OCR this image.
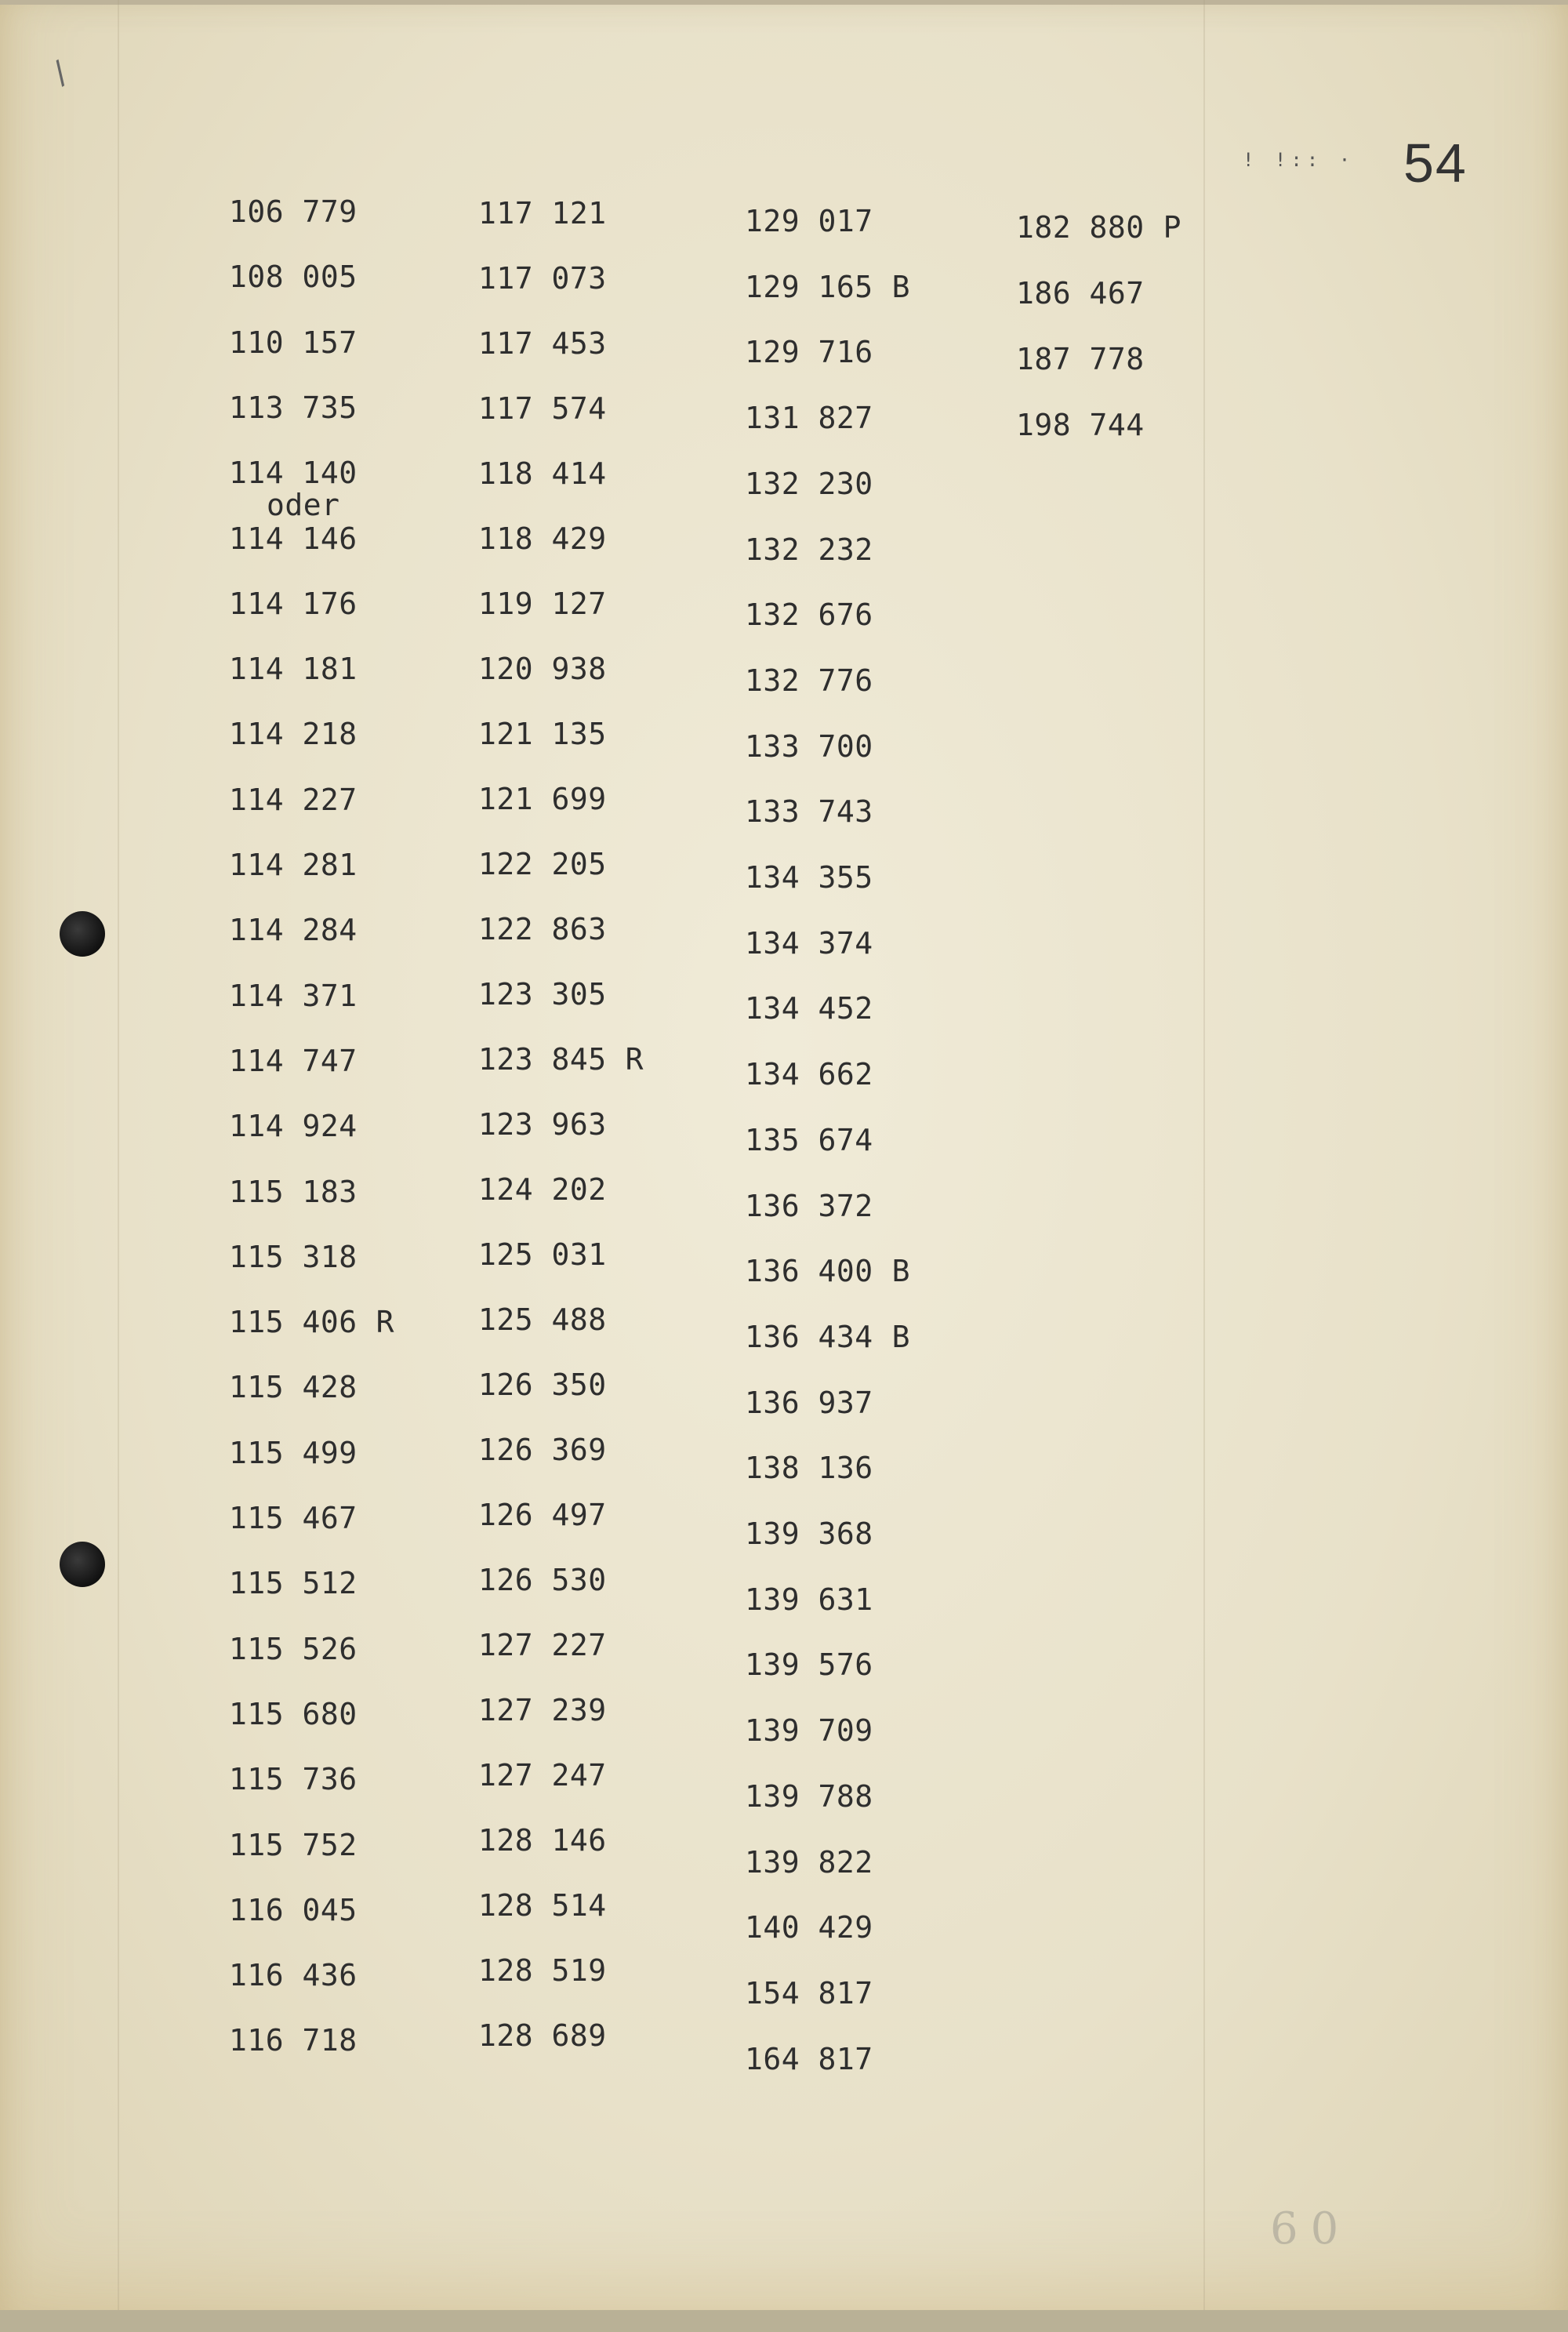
! !:: · 54
/
106 779
108 005
110 157
113 735
114 140
oder
114 146
114 176
114 181
114 218
114 227
114 281
114 284
114 371
114 747
114 924
115 183
115 318
115 406 R
115 428
115 499
115 467
115 512
115 526
115 680
115 736
115 752
116 045
116 436
116 718
117 121
117 073
117 453
117 574
118 414
118 429
119 127
120 938
121 135
121 699
122 205
122 863
123 305
123 845 R
123 963
124 202
125 031
125 488
126 350
126 369
126 497
126 530
127 227
127 239
127 247
128 146
128 514
128 519
128 689
129 017
129 165 B
129 716
131 827
132 230
132 232
132 676
132 776
133 700
133 743
134 355
134 374
134 452
134 662
135 674
136 372
136 400 B
136 434 B
136 937
138 136
139 368
139 631
139 576
139 709
139 788
139 822
140 429
154 817
164 817
182 880 P
186 467
187 778
198 744
60
